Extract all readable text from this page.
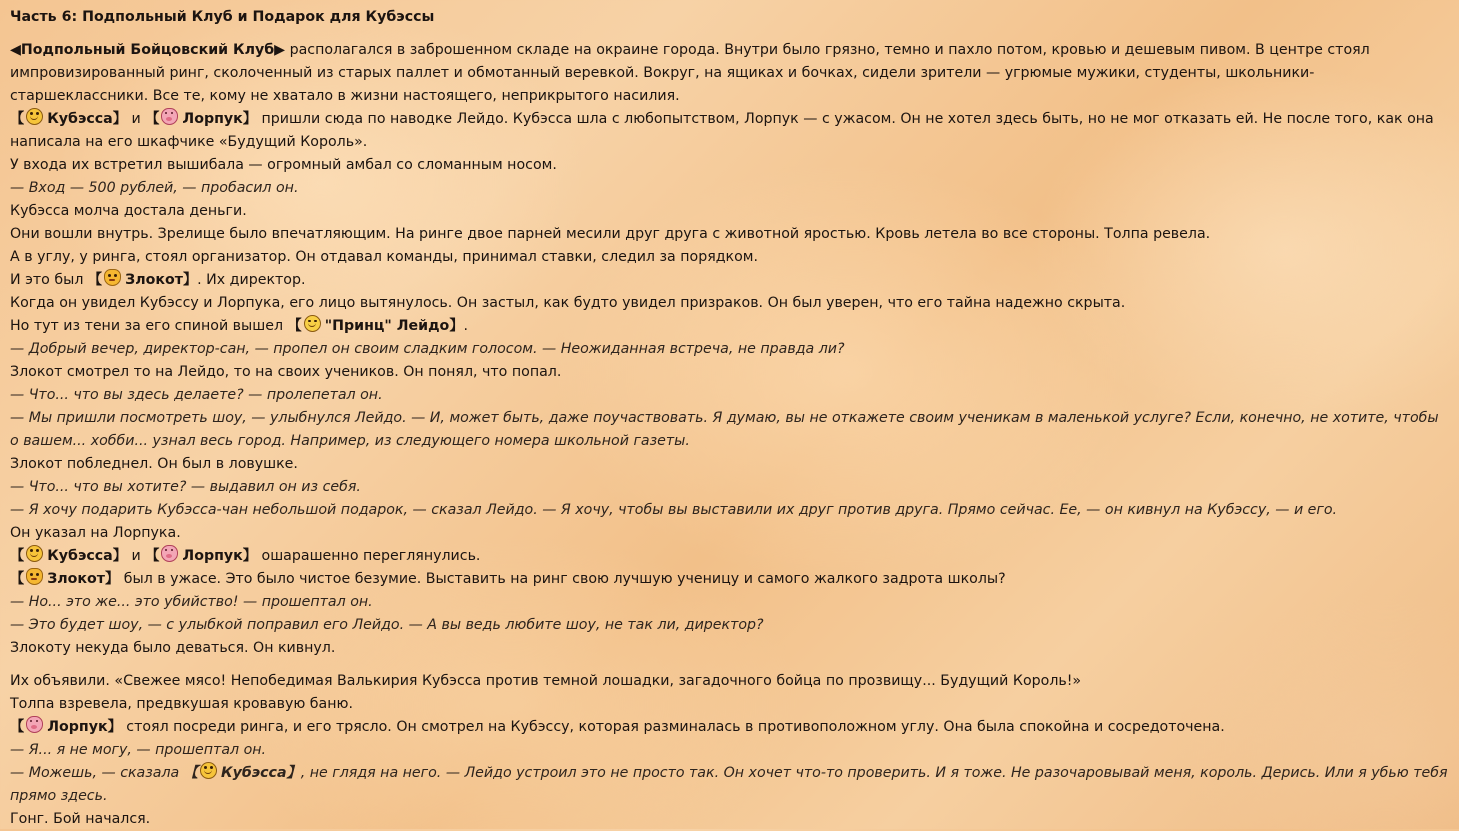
Часть 6: Подпольный Клуб и Подарок для Кубэссы
◀Подпольный Бойцовский Клуб▶ располагался в заброшенном складе на окраине города. Внутри было грязно, темно и пахло потом, кровью и дешевым пивом. В центре стоял импровизированный ринг, сколоченный из старых паллет и обмотанный веревкой. Вокруг, на ящиках и бочках, сидели зрители — угрюмые мужики, студенты, школьники-старшеклассники. Все те, кому не хватало в жизни настоящего, неприкрытого насилия.
【 Кубэсса】 и 【 Лорпук】 пришли сюда по наводке Лейдо. Кубэсса шла с любопытством, Лорпук — с ужасом. Он не хотел здесь быть, но не мог отказать ей. Не после того, как она написала на его шкафчике «Будущий Король».
У входа их встретил вышибала — огромный амбал со сломанным носом.
— Вход — 500 рублей, — пробасил он.
Кубэсса молча достала деньги.
Они вошли внутрь. Зрелище было впечатляющим. На ринге двое парней месили друг друга с животной яростью. Кровь летела во все стороны. Толпа ревела.
А в углу, у ринга, стоял организатор. Он отдавал команды, принимал ставки, следил за порядком.
И это был 【 Злокот】. Их директор.
Когда он увидел Кубэссу и Лорпука, его лицо вытянулось. Он застыл, как будто увидел призраков. Он был уверен, что его тайна надежно скрыта.
Но тут из тени за его спиной вышел 【 "Принц" Лейдо】.
— Добрый вечер, директор-сан, — пропел он своим сладким голосом. — Неожиданная встреча, не правда ли?
Злокот смотрел то на Лейдо, то на своих учеников. Он понял, что попал.
— Что... что вы здесь делаете? — пролепетал он.
— Мы пришли посмотреть шоу, — улыбнулся Лейдо. — И, может быть, даже поучаствовать. Я думаю, вы не откажете своим ученикам в маленькой услуге? Если, конечно, не хотите, чтобы о вашем... хобби... узнал весь город. Например, из следующего номера школьной газеты.
Злокот побледнел. Он был в ловушке.
— Что... что вы хотите? — выдавил он из себя.
— Я хочу подарить Кубэсса-чан небольшой подарок, — сказал Лейдо. — Я хочу, чтобы вы выставили их друг против друга. Прямо сейчас. Ее, — он кивнул на Кубэссу, — и его.
Он указал на Лорпука.
【 Кубэсса】 и 【 Лорпук】 ошарашенно переглянулись.
【 Злокот】 был в ужасе. Это было чистое безумие. Выставить на ринг свою лучшую ученицу и самого жалкого задрота школы?
— Но... это же... это убийство! — прошептал он.
— Это будет шоу, — с улыбкой поправил его Лейдо. — А вы ведь любите шоу, не так ли, директор?
Злокоту некуда было деваться. Он кивнул.
Их объявили. «Свежее мясо! Непобедимая Валькирия Кубэсса против темной лошадки, загадочного бойца по прозвищу... Будущий Король!»
Толпа взревела, предвкушая кровавую баню.
【 Лорпук】 стоял посреди ринга, и его трясло. Он смотрел на Кубэссу, которая разминалась в противоположном углу. Она была спокойна и сосредоточена.
— Я... я не могу, — прошептал он.
— Можешь, — сказала 【 Кубэсса】, не глядя на него. — Лейдо устроил это не просто так. Он хочет что-то проверить. И я тоже. Не разочаровывай меня, король. Дерись. Или я убью тебя прямо здесь.
Гонг. Бой начался.
